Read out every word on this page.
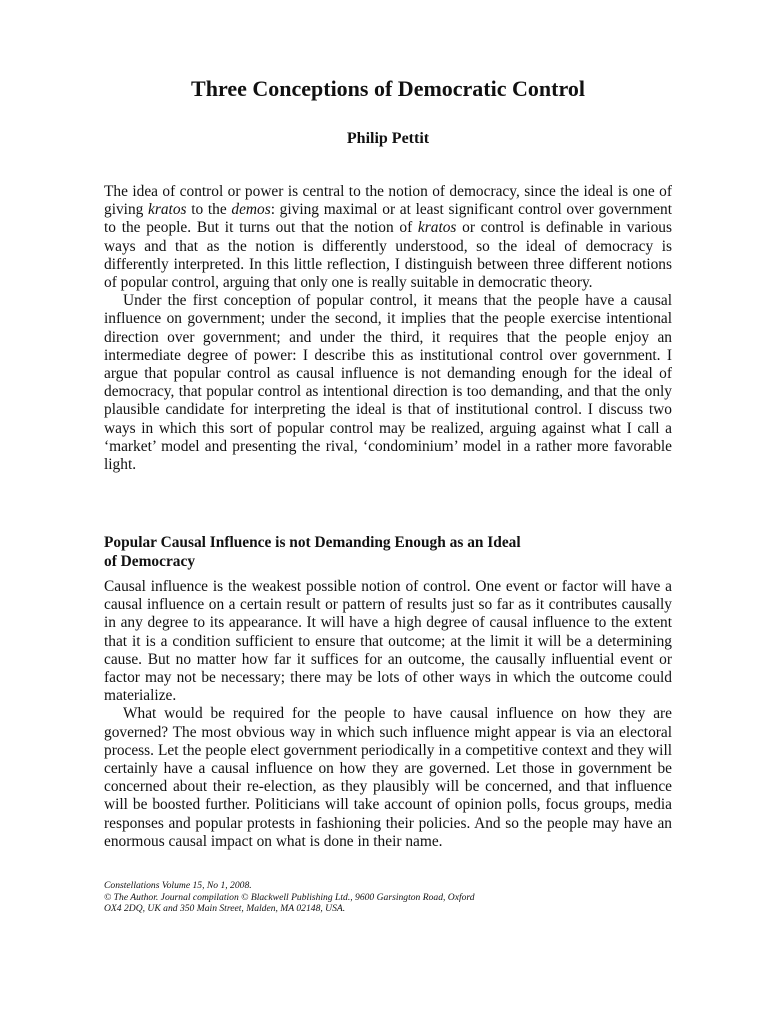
Three Conceptions of Democratic Control
Philip Pettit

The idea of control or power is central to the notion of democracy, since the ideal is one of giving kratos to the demos: giving maximal or at least significant control over government to the people. But it turns out that the notion of kratos or control is definable in various ways and that as the notion is differently understood, so the ideal of democracy is differently interpreted. In this little reflection, I distinguish between three different notions of popular control, arguing that only one is really suitable in democratic theory.

Under the first conception of popular control, it means that the people have a causal influence on government; under the second, it implies that the people exercise intentional direction over government; and under the third, it requires that the people enjoy an intermediate degree of power: I describe this as institutional control over government. I argue that popular control as causal influence is not demanding enough for the ideal of democracy, that popular control as intentional direction is too demanding, and that the only plausible candidate for interpreting the ideal is that of institutional control. I discuss two ways in which this sort of popular control may be realized, arguing against what I call a ‘market’ model and presenting the rival, ‘condominium’ model in a rather more favorable light.

Popular Causal Influence is not Demanding Enough as an Ideal
of Democracy

Causal influence is the weakest possible notion of control. One event or factor will have a causal influence on a certain result or pattern of results just so far as it contributes causally in any degree to its appearance. It will have a high degree of causal influence to the extent that it is a condition sufficient to ensure that outcome; at the limit it will be a determining cause. But no matter how far it suffices for an outcome, the causally influential event or factor may not be necessary; there may be lots of other ways in which the outcome could materialize.

What would be required for the people to have causal influence on how they are governed? The most obvious way in which such influence might appear is via an electoral process. Let the people elect government periodically in a competitive context and they will certainly have a causal influence on how they are governed. Let those in government be concerned about their re-election, as they plausibly will be concerned, and that influence will be boosted further. Politicians will take account of opinion polls, focus groups, media responses and popular protests in fashioning their policies. And so the people may have an enormous causal impact on what is done in their name.

Constellations Volume 15, No 1, 2008.
© The Author. Journal compilation © Blackwell Publishing Ltd., 9600 Garsington Road, Oxford
OX4 2DQ, UK and 350 Main Street, Malden, MA 02148, USA.
